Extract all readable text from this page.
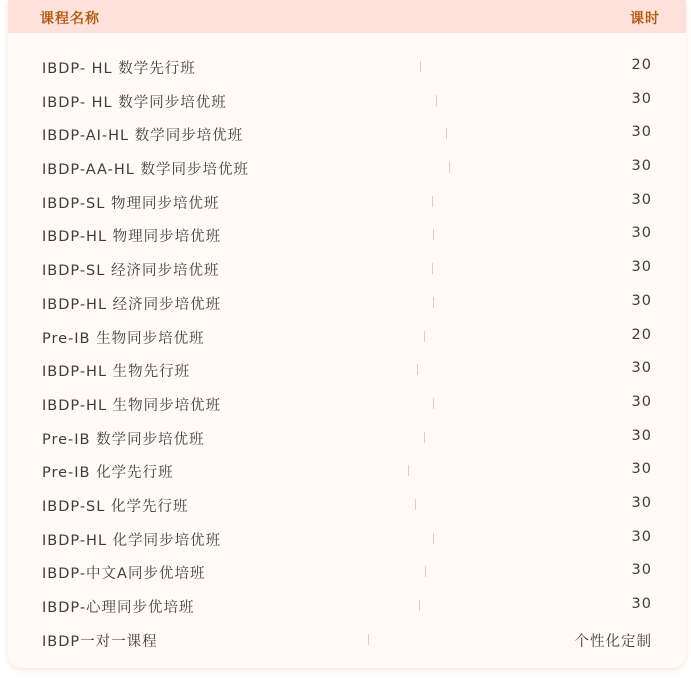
课程名称	课时
IBDP- HL 数学先行班	20
IBDP- HL 数学同步培优班	30
IBDP-AI-HL 数学同步培优班	30
IBDP-AA-HL 数学同步培优班	30
IBDP-SL 物理同步培优班	30
IBDP-HL 物理同步培优班	30
IBDP-SL 经济同步培优班	30
IBDP-HL 经济同步培优班	30
Pre-IB 生物同步培优班	20
IBDP-HL 生物先行班	30
IBDP-HL 生物同步培优班	30
Pre-IB 数学同步培优班	30
Pre-IB 化学先行班	30
IBDP-SL 化学先行班	30
IBDP-HL 化学同步培优班	30
IBDP-中文A同步优培班	30
IBDP-心理同步优培班	30
IBDP一对一课程	个性化定制
